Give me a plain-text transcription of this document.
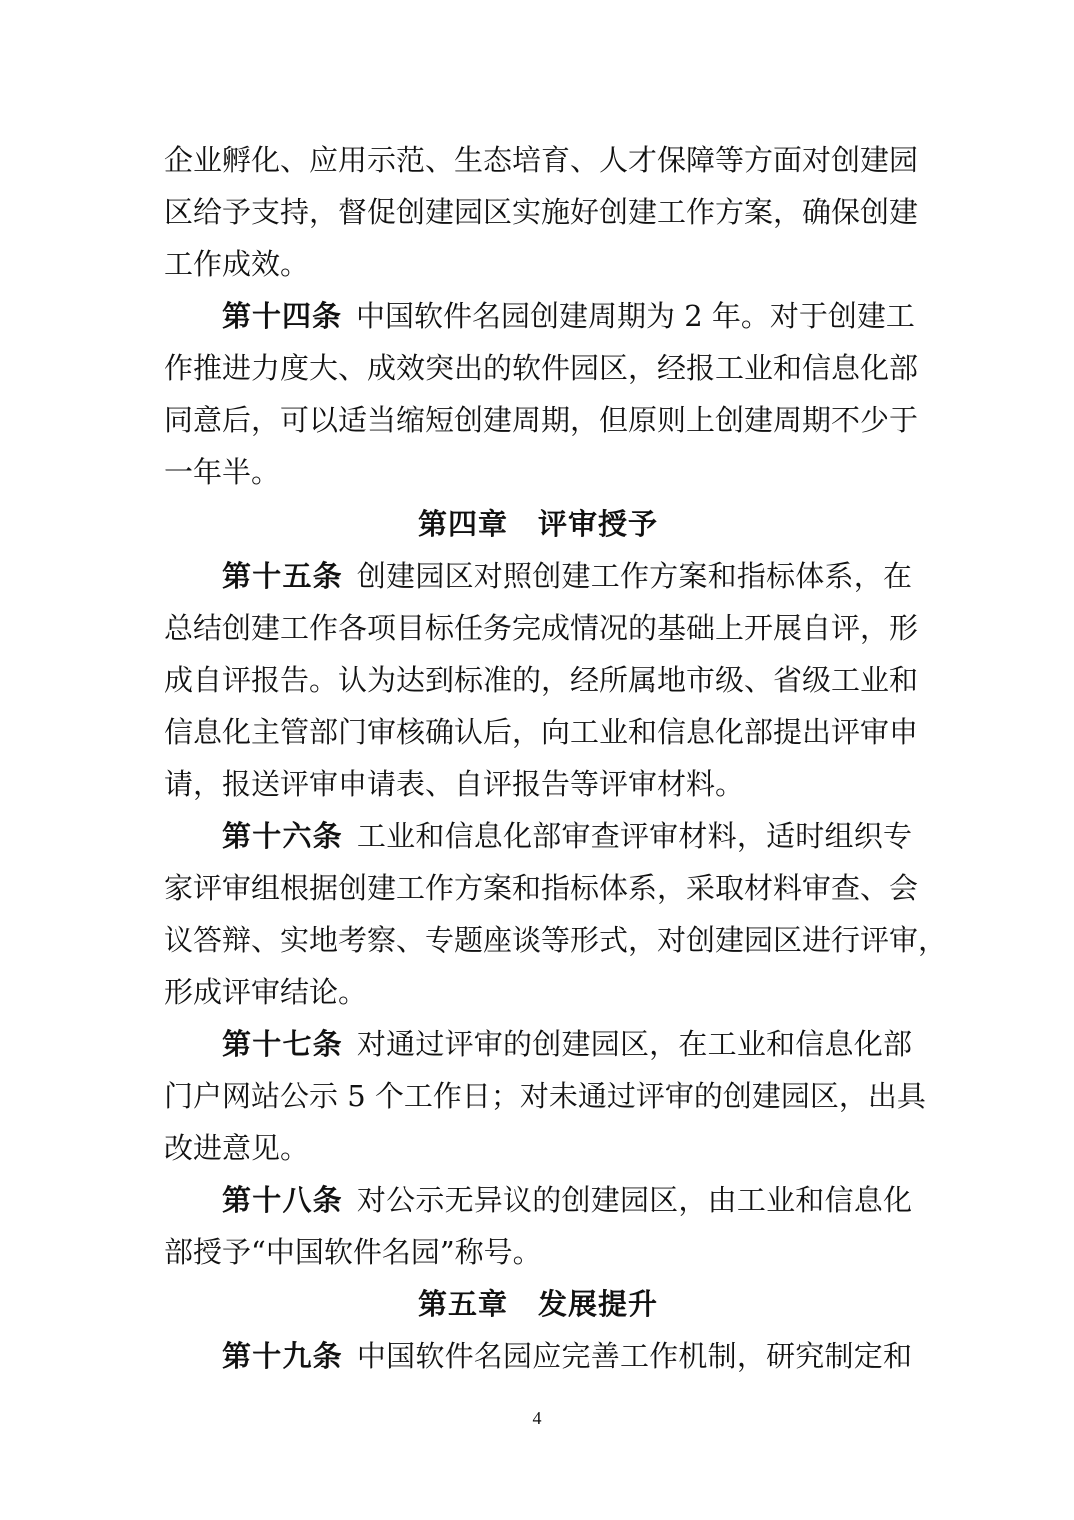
企业孵化、应用示范、生态培育、人才保障等方面对创建园
区给予支持，督促创建园区实施好创建工作方案，确保创建
工作成效。
第十四条 中国软件名园创建周期为 2 年。对于创建工
作推进力度大、成效突出的软件园区，经报工业和信息化部
同意后，可以适当缩短创建周期，但原则上创建周期不少于
一年半。
第四章 评审授予
第十五条 创建园区对照创建工作方案和指标体系，在
总结创建工作各项目标任务完成情况的基础上开展自评，形
成自评报告。认为达到标准的，经所属地市级、省级工业和
信息化主管部门审核确认后，向工业和信息化部提出评审申
请，报送评审申请表、自评报告等评审材料。
第十六条 工业和信息化部审查评审材料，适时组织专
家评审组根据创建工作方案和指标体系，采取材料审查、会
议答辩、实地考察、专题座谈等形式，对创建园区进行评审，
形成评审结论。
第十七条 对通过评审的创建园区，在工业和信息化部
门户网站公示 5 个工作日；对未通过评审的创建园区，出具
改进意见。
第十八条 对公示无异议的创建园区，由工业和信息化
部授予“中国软件名园”称号。
第五章 发展提升
第十九条 中国软件名园应完善工作机制，研究制定和
4
